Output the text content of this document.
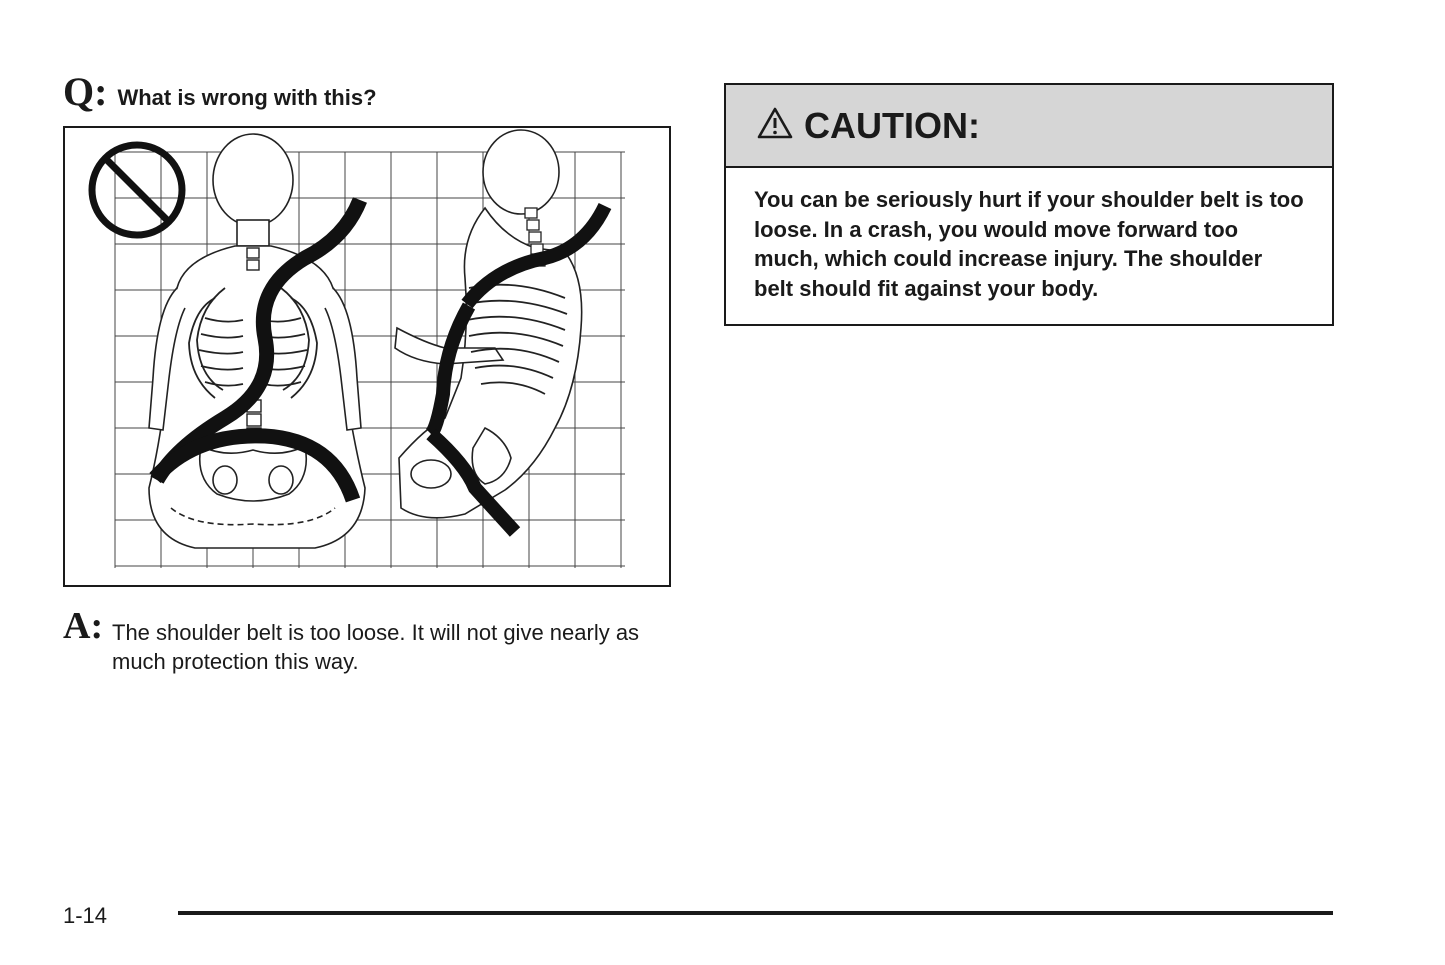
Q: What is wrong with this?
A: The shoulder belt is too loose. It will not give nearly as much protection this way.
CAUTION:
You can be seriously hurt if your shoulder belt is too loose. In a crash, you would move forward too much, which could increase injury. The shoulder belt should fit against your body.
1-14
